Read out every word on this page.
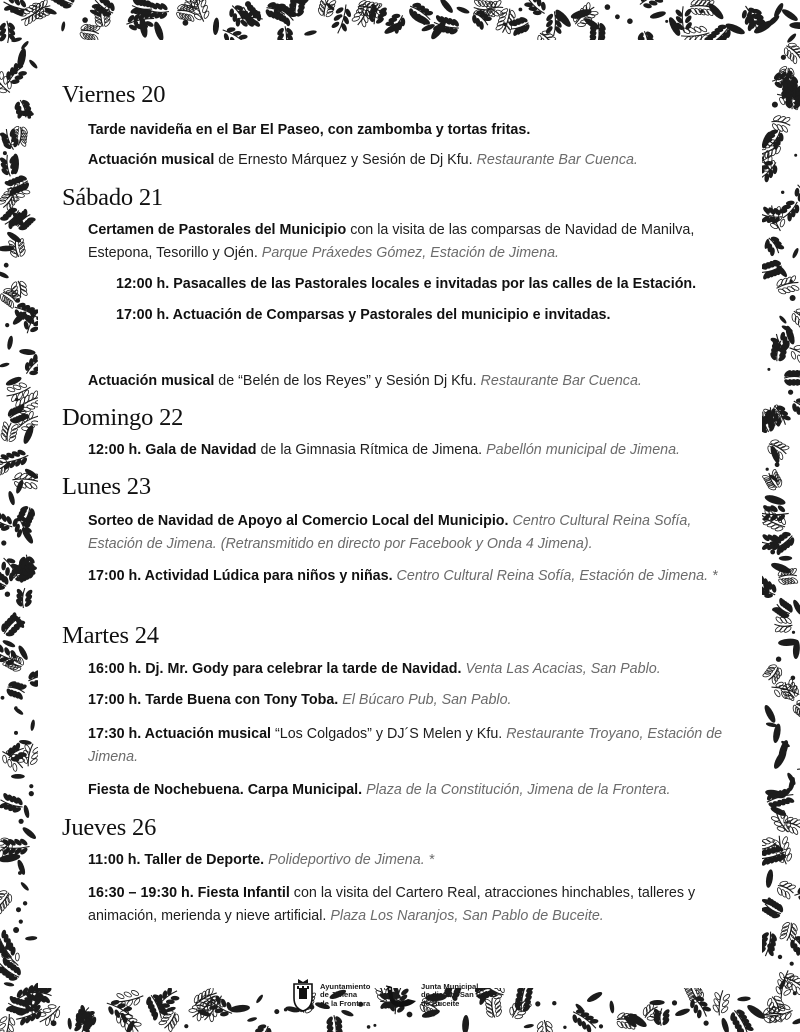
Viernes 20

Tarde navideña en el Bar El Paseo, con zambomba y tortas fritas.

Actuación musical de Ernesto Márquez y Sesión de Dj Kfu. Restaurante Bar Cuenca.

Sábado 21

Certamen de Pastorales del Municipio con la visita de las comparsas de Navidad de Manilva, Estepona, Tesorillo y Ojén. Parque Práxedes Gómez, Estación de Jimena.

12:00 h. Pasacalles de las Pastorales locales e invitadas por las calles de la Estación.

17:00 h. Actuación de Comparsas y Pastorales del municipio e invitadas.

Actuación musical de “Belén de los Reyes” y Sesión Dj Kfu. Restaurante Bar Cuenca.

Domingo 22

12:00 h. Gala de Navidad de la Gimnasia Rítmica de Jimena. Pabellón municipal de Jimena.

Lunes 23

Sorteo de Navidad de Apoyo al Comercio Local del Municipio. Centro Cultural Reina Sofía, Estación de Jimena. (Retransmitido en directo por Facebook y Onda 4 Jimena).

17:00 h. Actividad Lúdica para niños y niñas. Centro Cultural Reina Sofía, Estación de Jimena. *

Martes 24

16:00 h. Dj. Mr. Gody para celebrar la tarde de Navidad. Venta Las Acacias, San Pablo.

17:00 h. Tarde Buena con Tony Toba. El Búcaro Pub, San Pablo.

17:30 h. Actuación musical “Los Colgados” y DJ´S Melen y Kfu. Restaurante Troyano, Estación de Jimena.

Fiesta de Nochebuena. Carpa Municipal. Plaza de la Constitución, Jimena de la Frontera.

Jueves 26

11:00 h. Taller de Deporte. Polideportivo de Jimena. *

16:30 – 19:30 h. Fiesta Infantil con la visita del Cartero Real, atracciones hinchables, talleres y animación, merienda y nieve artificial. Plaza Los Naranjos, San Pablo de Buceite.

Ayuntamiento
de Jimena
de la Frontera

Junta Municipal
de distrito San Pablo
de Buceite
